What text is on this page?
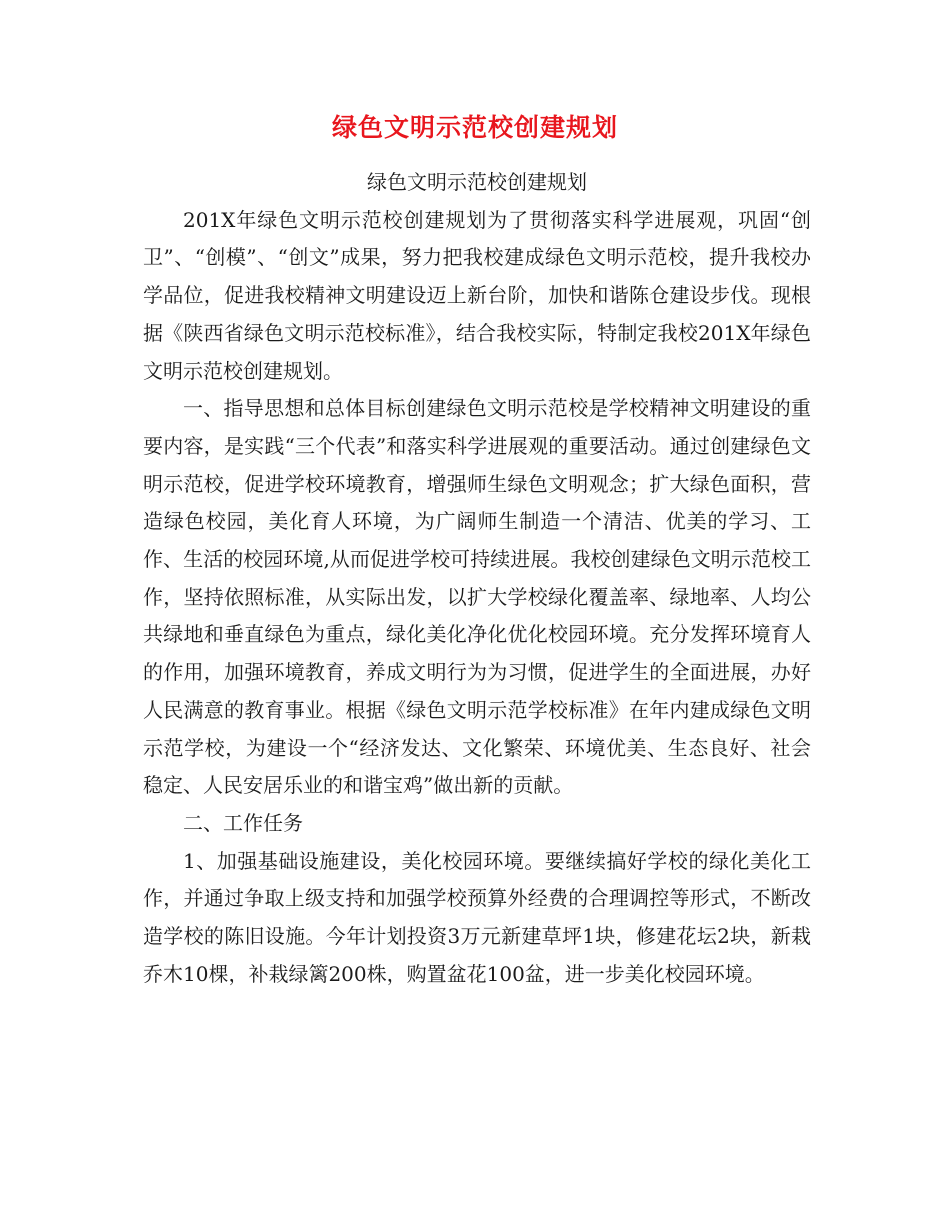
绿色文明示范校创建规划

绿色文明示范校创建规划

201X年绿色文明示范校创建规划为了贯彻落实科学进展观，巩固“创卫”、“创模”、“创文”成果，努力把我校建成绿色文明示范校，提升我校办学品位，促进我校精神文明建设迈上新台阶，加快和谐陈仓建设步伐。现根据《陕西省绿色文明示范校标准》，结合我校实际，特制定我校201X年绿色文明示范校创建规划。

一、指导思想和总体目标创建绿色文明示范校是学校精神文明建设的重要内容，是实践“三个代表”和落实科学进展观的重要活动。通过创建绿色文明示范校，促进学校环境教育，增强师生绿色文明观念；扩大绿色面积，营造绿色校园，美化育人环境，为广阔师生制造一个清洁、优美的学习、工作、生活的校园环境,从而促进学校可持续进展。我校创建绿色文明示范校工作，坚持依照标准，从实际出发，以扩大学校绿化覆盖率、绿地率、人均公共绿地和垂直绿色为重点，绿化美化净化优化校园环境。充分发挥环境育人的作用，加强环境教育，养成文明行为为习惯，促进学生的全面进展，办好人民满意的教育事业。根据《绿色文明示范学校标准》在年内建成绿色文明示范学校，为建设一个“经济发达、文化繁荣、环境优美、生态良好、社会稳定、人民安居乐业的和谐宝鸡”做出新的贡献。

二、工作任务

1、加强基础设施建设，美化校园环境。要继续搞好学校的绿化美化工作，并通过争取上级支持和加强学校预算外经费的合理调控等形式，不断改造学校的陈旧设施。今年计划投资3万元新建草坪1块，修建花坛2块，新栽乔木10棵，补栽绿篱200株，购置盆花100盆，进一步美化校园环境。
